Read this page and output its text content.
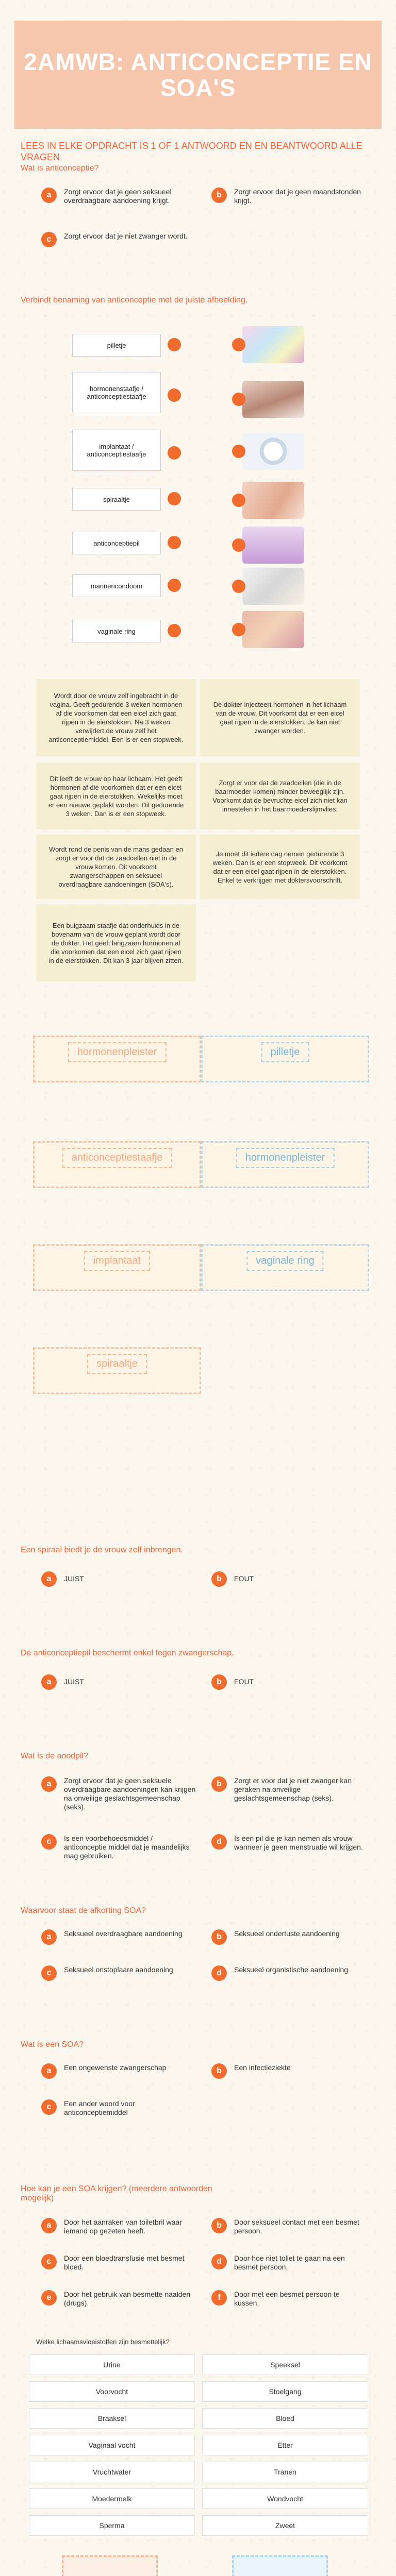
2AMWB: ANTICONCEPTIE EN SOA'S
LEES IN ELKE OPDRACHT IS 1 OF 1 ANTWOORD EN EN BEANTWOORD ALLE VRAGEN
Wat is anticonceptie?
a	Zorgt ervoor dat je geen seksueel overdraagbare aandoening krijgt.
b	Zorgt ervoor dat je geen maandstonden krijgt.
c	Zorgt ervoor dat je niet zwanger wordt.
Verbindt benaming van anticonceptie met de juiste afbeelding.
pilletje
hormonenstaafje / anticonceptiestaafje
implantaat / anticonceptiestaafje
spiraaltje
anticonceptiepil
mannencondoom
vaginale ring
Wordt door de vrouw zelf ingebracht in de vagina. Geeft gedurende 3 weken hormonen af die voorkomen dat een eicel zich gaat rijpen in de eierstokken. Na 3 weken verwijdert de vrouw zelf het anticonceptiemiddel. Een is er een stopweek.
De dokter injecteert hormonen in het lichaam van de vrouw. Dit voorkomt dat er een eicel gaat rijpen in de eierstokken. Je kan niet zwanger worden.
Dit leeft de vrouw op haar lichaam. Het geeft hormonen af die voorkomen dat er een eicel gaat rijpen in de eierstokken. Wekelijks moet er een nieuwe geplakt worden. Dit gedurende 3 weken. Dan is er een stopweek.
Zorgt er voor dat de zaadcellen (die in de baarmoeder komen) minder beweeglijk zijn. Voorkomt dat de bevruchte eicel zich niet kan innestelen in het baarmoederslijmvlies.
Wordt rond de penis van de mans gedaan en zorgt er voor dat de zaadcellen niet in de vrouw komen. Dit voorkomt zwangerschappen en seksueel overdraagbare aandoeningen (SOA's).
Je moet dit iedere dag nemen gedurende 3 weken. Dan is er een stopweek. Dit voorkomt dat er een eicel gaat rijpen in de eierstokken. Enkel te verkrijgen met doktersvoorschrift.
Een buigzaam staafje dat onderhuids in de bovenarm van de vrouw geplant wordt door de dokter. Het geeft langzaam hormonen af die voorkomen dat een eicel zich gaat rijpen in de eierstokken. Dit kan 3 jaar blijven zitten.
hormonenpleister	pilletje
anticonceptiestaafje	hormonenpleister
implantaat	vaginale ring
spiraaltje
Een spiraal biedt je de vrouw zelf inbrengen.
a	JUIST	b	FOUT
De anticonceptiepil beschermt enkel tegen zwangerschap.
a	JUIST	b	FOUT
Wat is de noodpil?
a	Zorgt ervoor dat je geen seksuele overdraagbare aandoeningen kan krijgen na onveilige geslachtsgemeenschap (seks).
b	Zorgt er voor dat je niet zwanger kan geraken na onveilige geslachtsgemeenschap (seks).
c	Is een voorbehoedsmiddel / anticonceptie middel dat je maandelijks mag gebruiken.
d	Is een pil die je kan nemen als vrouw wanneer je geen menstruatie wil krijgen.
Waarvoor staat de afkorting SOA?
a	Seksueel overdraagbare aandoening	b	Seksueel ondertuste aandoening
c	Seksueel onstoplaare aandoening	d	Seksueel organistische aandoening
Wat is een SOA?
a	Een ongewenste zwangerschap	b	Een infectieziekte
c	Een ander woord voor anticonceptiemiddel
Hoe kan je een SOA krijgen? (meerdere antwoorden mogelijk)
a	Door het aanraken van toiletbril waar iemand op gezeten heeft.
b	Door seksueel contact met een besmet persoon.
c	Door een bloedtransfusie met besmet bloed.
d	Door hoe niet tollet te gaan na een besmet persoon.
e	Door het gebruik van besmette naalden (drugs).
f	Door met een besmet persoon te kussen.
Welke lichaamsvloeistoffen zijn besmettelijk?
Urine	Speeksel
Voorvocht	Stoelgang
Braaksel	Bloed
Vaginaal vocht	Etter
Vruchtwater	Tranen
Moedermelk	Wondvocht
Sperma	Zweet
